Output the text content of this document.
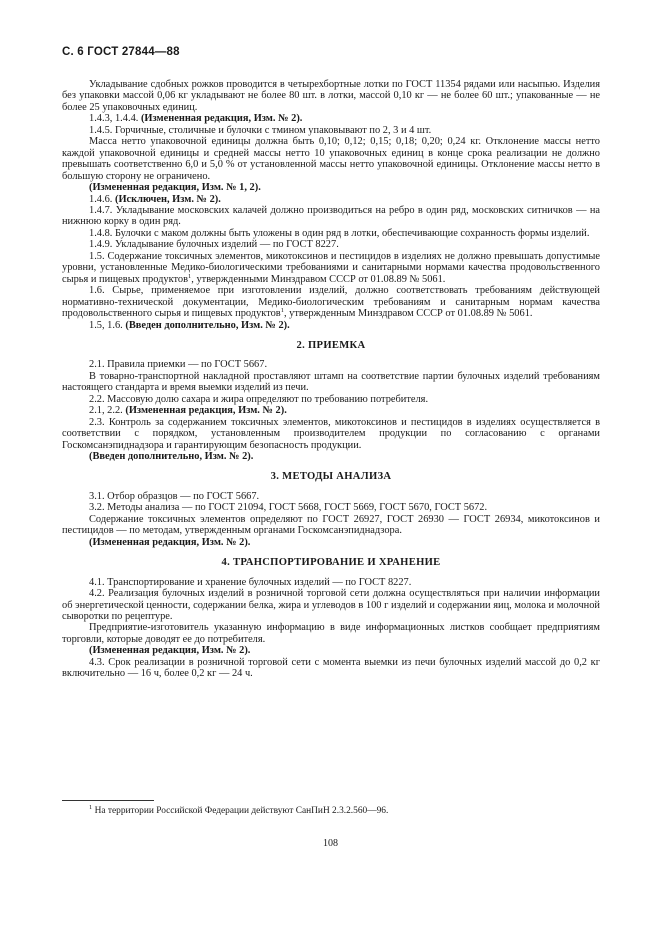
С. 6 ГОСТ 27844—88

Укладывание сдобных рожков проводится в четырехбортные лотки по ГОСТ 11354 рядами или насыпью. Изделия без упаковки массой 0,06 кг укладывают не более 80 шт. в лотки, массой 0,10 кг — не более 60 шт.; упакованные — не более 25 упаковочных единиц.

1.4.3, 1.4.4. (Измененная редакция, Изм. № 2).

1.4.5. Горчичные, столичные и булочки с тмином упаковывают по 2, 3 и 4 шт.

Масса нетто упаковочной единицы должна быть 0,10; 0,12; 0,15; 0,18; 0,20; 0,24 кг. Отклонение массы нетто каждой упаковочной единицы и средней массы нетто 10 упаковочных единиц в конце срока реализации не должно превышать соответственно 6,0 и 5,0 % от установленной массы нетто упаковочной единицы. Отклонение массы нетто в большую сторону не ограничено.

(Измененная редакция, Изм. № 1, 2).

1.4.6. (Исключен, Изм. № 2).

1.4.7. Укладывание московских калачей должно производиться на ребро в один ряд, московских ситничков — на нижнюю корку в один ряд.

1.4.8. Булочки с маком должны быть уложены в один ряд в лотки, обеспечивающие сохранность формы изделий.

1.4.9. Укладывание булочных изделий — по ГОСТ 8227.

1.5. Содержание токсичных элементов, микотоксинов и пестицидов в изделиях не должно превышать допустимые уровни, установленные Медико-биологическими требованиями и санитарными нормами качества продовольственного сырья и пищевых продуктов$^1$, утвержденными Минздравом СССР от 01.08.89 № 5061.

1.6. Сырье, применяемое при изготовлении изделий, должно соответствовать требованиям действующей нормативно-технической документации, Медико-биологическим требованиям и санитарным нормам качества продовольственного сырья и пищевых продуктов$^1$, утвержденным Минздравом СССР от 01.08.89 № 5061.

1.5, 1.6. (Введен дополнительно, Изм. № 2).

2. ПРИЕМКА

2.1. Правила приемки — по ГОСТ 5667.

В товарно-транспортной накладной проставляют штамп на соответствие партии булочных изделий требованиям настоящего стандарта и время выемки изделий из печи.

2.2. Массовую долю сахара и жира определяют по требованию потребителя.

2.1, 2.2. (Измененная редакция, Изм. № 2).

2.3. Контроль за содержанием токсичных элементов, микотоксинов и пестицидов в изделиях осуществляется в соответствии с порядком, установленным производителем продукции по согласованию с органами Госкомсанэпиднадзора и гарантирующим безопасность продукции.

(Введен дополнительно, Изм. № 2).

3. МЕТОДЫ АНАЛИЗА

3.1. Отбор образцов — по ГОСТ 5667.

3.2. Методы анализа — по ГОСТ 21094, ГОСТ 5668, ГОСТ 5669, ГОСТ 5670, ГОСТ 5672.

Содержание токсичных элементов определяют по ГОСТ 26927, ГОСТ 26930 — ГОСТ 26934, микотоксинов и пестицидов — по методам, утвержденным органами Госкомсанэпиднадзора.

(Измененная редакция, Изм. № 2).

4. ТРАНСПОРТИРОВАНИЕ И ХРАНЕНИЕ

4.1. Транспортирование и хранение булочных изделий — по ГОСТ 8227.

4.2. Реализация булочных изделий в розничной торговой сети должна осуществляться при наличии информации об энергетической ценности, содержании белка, жира и углеводов в 100 г изделий и содержании яиц, молока и молочной сыворотки по рецептуре.

Предприятие-изготовитель указанную информацию в виде информационных листков сообщает предприятиям торговли, которые доводят ее до потребителя.

(Измененная редакция, Изм. № 2).

4.3. Срок реализации в розничной торговой сети с момента выемки из печи булочных изделий массой до 0,2 кг включительно — 16 ч, более 0,2 кг — 24 ч.

$^1$ На территории Российской Федерации действуют СанПиН 2.3.2.560—96.
108
